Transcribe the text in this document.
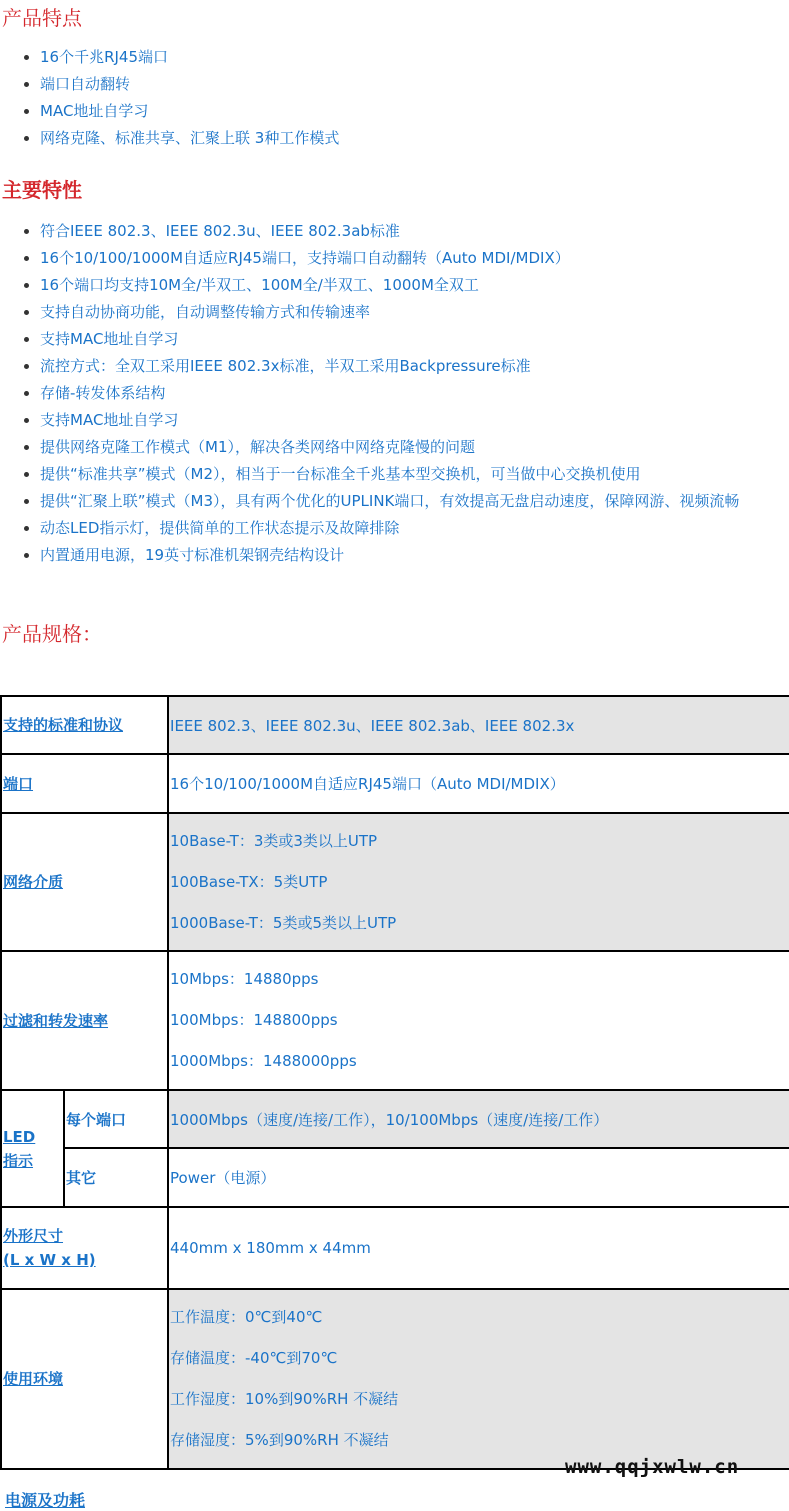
产品特点
16个千兆RJ45端口
端口自动翻转
MAC地址自学习
网络克隆、标准共享、汇聚上联 3种工作模式
主要特性
符合IEEE 802.3、IEEE 802.3u、IEEE 802.3ab标准
16个10/100/1000M自适应RJ45端口，支持端口自动翻转（Auto MDI/MDIX）
16个端口均支持10M全/半双工、100M全/半双工、1000M全双工
支持自动协商功能，自动调整传输方式和传输速率
支持MAC地址自学习
流控方式：全双工采用IEEE 802.3x标准，半双工采用Backpressure标准
存储-转发体系结构
支持MAC地址自学习
提供网络克隆工作模式（M1），解决各类网络中网络克隆慢的问题
提供“标准共享”模式（M2），相当于一台标准全千兆基本型交换机，可当做中心交换机使用
提供“汇聚上联”模式（M3），具有两个优化的UPLINK端口，有效提高无盘启动速度，保障网游、视频流畅
动态LED指示灯，提供简单的工作状态提示及故障排除
内置通用电源，19英寸标准机架钢壳结构设计
产品规格：
支持的标准和协议		IEEE 802.3、IEEE 802.3u、IEEE 802.3ab、IEEE 802.3x
端口		16个10/100/1000M自适应RJ45端口（Auto MDI/MDIX）
网络介质		10Base-T：3类或3类以上UTP
100Base-TX：5类UTP
1000Base-T：5类或5类以上UTP

过滤和转发速率		10Mbps：14880pps
100Mbps：148800pps
1000Mbps：1488000pps

LED指示	每个端口	1000Mbps（速度/连接/工作），10/100Mbps（速度/连接/工作）
	其它	Power（电源）
外形尺寸
(L x W x H)		440mm x 180mm x 44mm
使用环境		工作温度：0℃到40℃
存储温度：-40℃到70℃
工作湿度：10%到90%RH 不凝结
存储湿度：5%到90%RH 不凝结
电源及功耗
www.qqjxwlw.cn
